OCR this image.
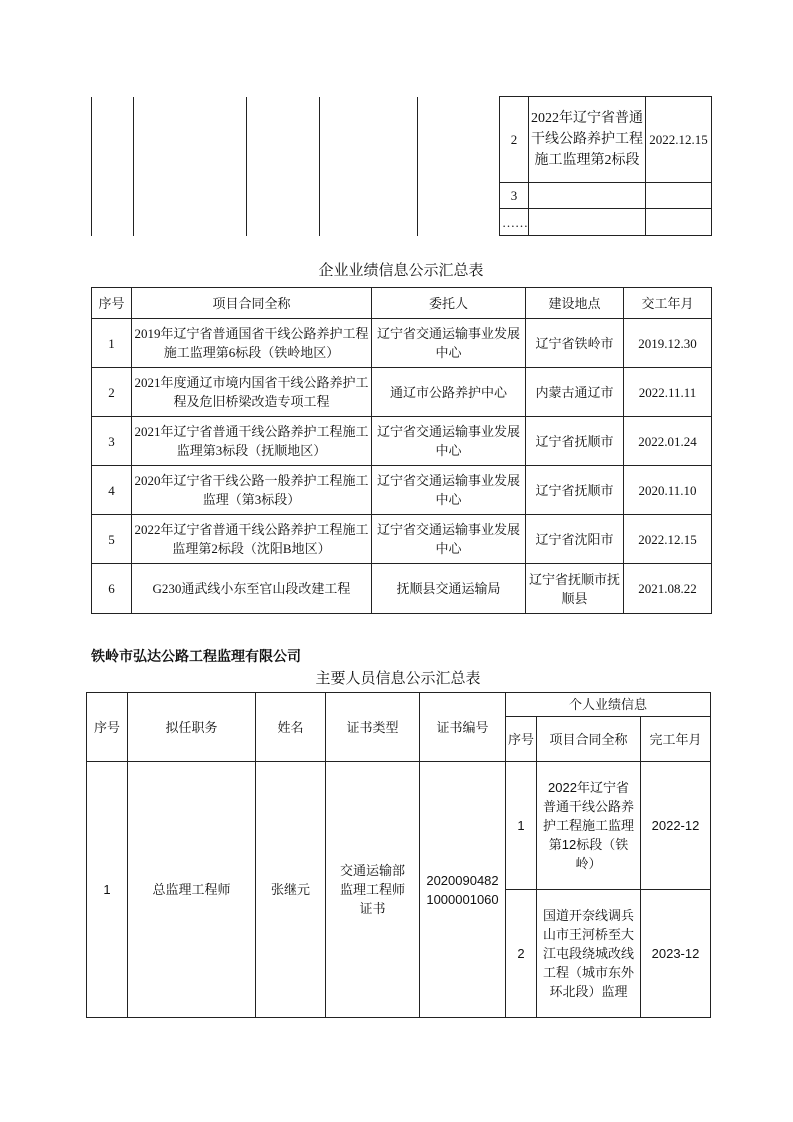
					2	2022年辽宁省普通干线公路养护工程施工监理第2标段	2022.12.15
					3		
					……		
企业业绩信息公示汇总表
序号	项目合同全称	委托人	建设地点	交工年月
1	2019年辽宁省普通国省干线公路养护工程施工监理第6标段（铁岭地区）	辽宁省交通运输事业发展中心	辽宁省铁岭市	2019.12.30
2	2021年度通辽市境内国省干线公路养护工程及危旧桥梁改造专项工程	通辽市公路养护中心	内蒙古通辽市	2022.11.11
3	2021年辽宁省普通干线公路养护工程施工监理第3标段（抚顺地区）	辽宁省交通运输事业发展中心	辽宁省抚顺市	2022.01.24
4	2020年辽宁省干线公路一般养护工程施工监理（第3标段）	辽宁省交通运输事业发展中心	辽宁省抚顺市	2020.11.10
5	2022年辽宁省普通干线公路养护工程施工监理第2标段（沈阳B地区）	辽宁省交通运输事业发展中心	辽宁省沈阳市	2022.12.15
6	G230通武线小东至官山段改建工程	抚顺县交通运输局	辽宁省抚顺市抚顺县	2021.08.22
铁岭市弘达公路工程监理有限公司
主要人员信息公示汇总表
序号	拟任职务	姓名	证书类型	证书编号	个人业绩信息		
					序号	项目合同全称	完工年月
1	总监理工程师	张继元	交通运输部监理工程师证书	20200904821000001060	1	2022年辽宁省普通干线公路养护工程施工监理第12标段（铁岭）	2022-12
					2	国道开奈线调兵山市王河桥至大江屯段绕城改线工程（城市东外环北段）监理	2023-12
